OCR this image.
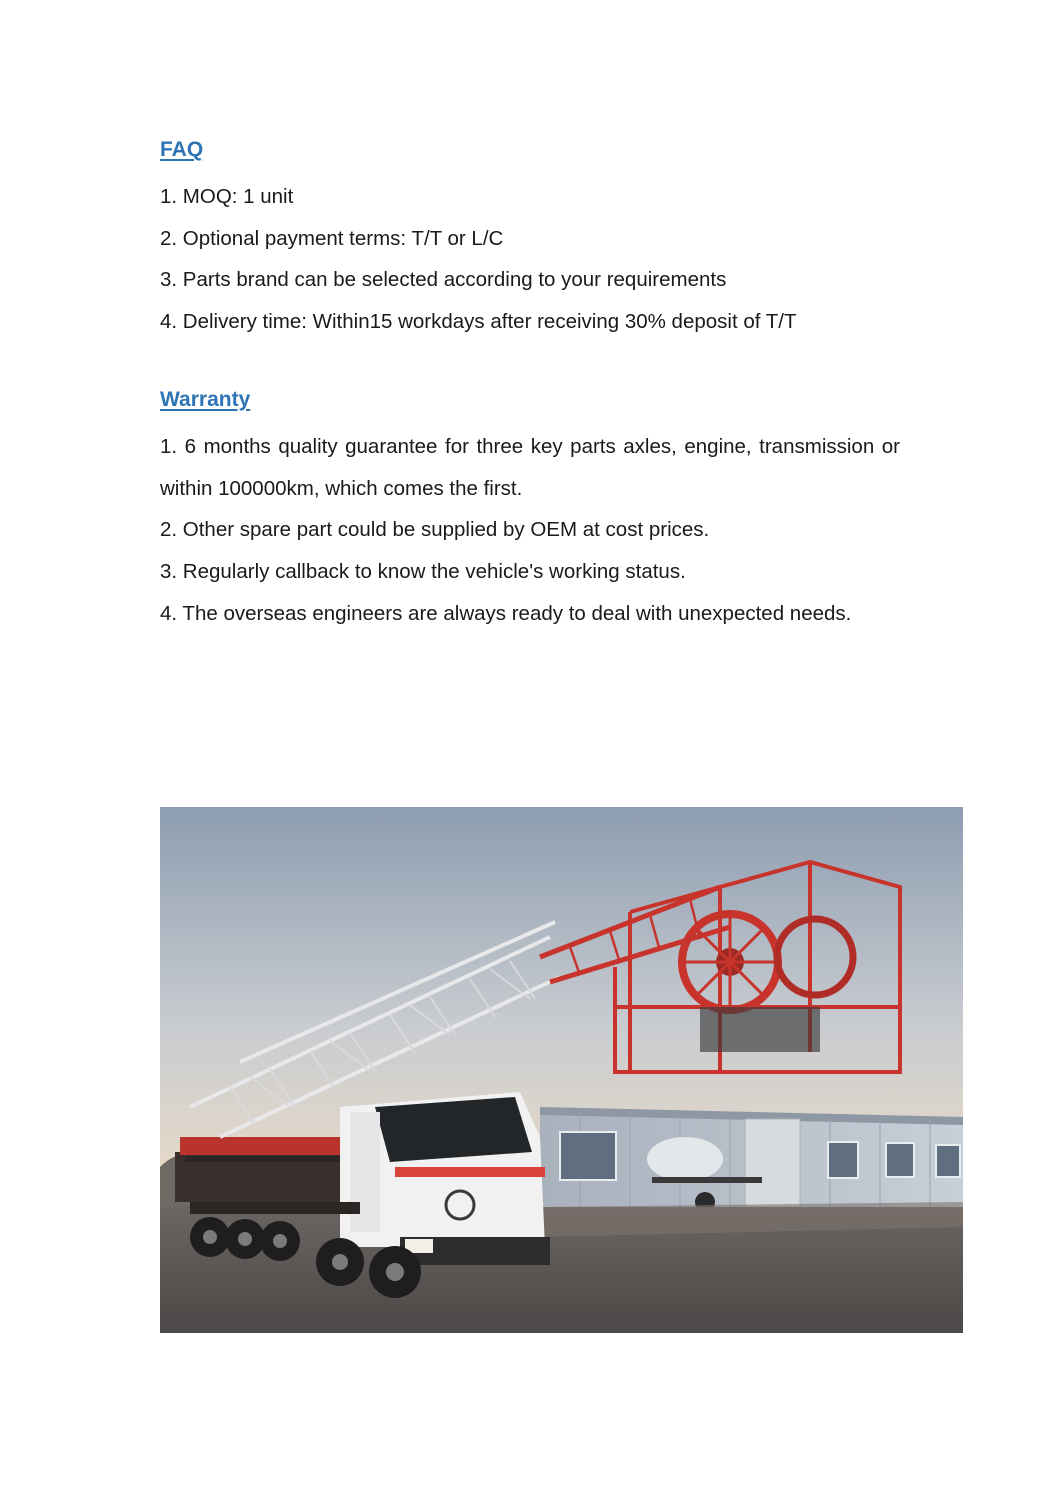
FAQ

1. MOQ: 1 unit

2. Optional payment terms: T/T or L/C

3. Parts brand can be selected according to your requirements

4. Delivery time: Within15 workdays after receiving 30% deposit of T/T

Warranty

1. 6 months quality guarantee for three key parts axles, engine, transmission or within 100000km, which comes the first.

2. Other spare part could be supplied by OEM at cost prices.

3. Regularly callback to know the vehicle's working status.

4. The overseas engineers are always ready to deal with unexpected needs.
